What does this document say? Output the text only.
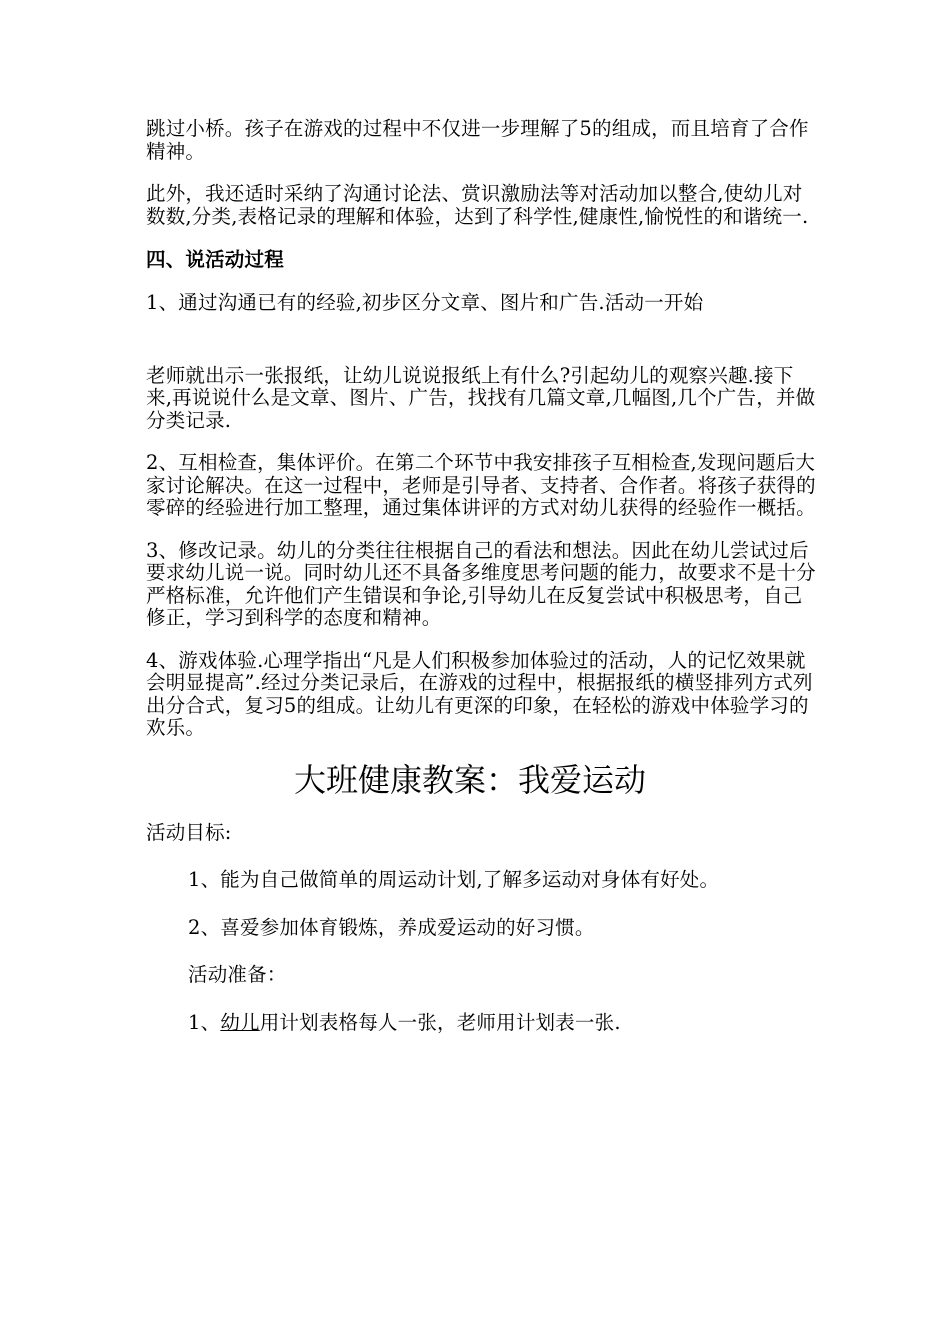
跳过小桥。孩子在游戏的过程中不仅进一步理解了5的组成，而且培育了合作精神。

此外，我还适时采纳了沟通讨论法、赏识激励法等对活动加以整合,使幼儿对数数,分类,表格记录的理解和体验，达到了科学性,健康性,愉悦性的和谐统一.

四、说活动过程

1、通过沟通已有的经验,初步区分文章、图片和广告.活动一开始

老师就出示一张报纸，让幼儿说说报纸上有什么?引起幼儿的观察兴趣.接下来,再说说什么是文章、图片、广告，找找有几篇文章,几幅图,几个广告，并做分类记录.

2、互相检查，集体评价。在第二个环节中我安排孩子互相检查,发现问题后大家讨论解决。在这一过程中，老师是引导者、支持者、合作者。将孩子获得的零碎的经验进行加工整理，通过集体讲评的方式对幼儿获得的经验作一概括。

3、修改记录。幼儿的分类往往根据自己的看法和想法。因此在幼儿尝试过后要求幼儿说一说。同时幼儿还不具备多维度思考问题的能力，故要求不是十分严格标准，允许他们产生错误和争论,引导幼儿在反复尝试中积极思考，自己修正，学习到科学的态度和精神。

4、游戏体验.心理学指出“凡是人们积极参加体验过的活动，人的记忆效果就会明显提高”.经过分类记录后，在游戏的过程中，根据报纸的横竖排列方式列出分合式，复习5的组成。让幼儿有更深的印象，在轻松的游戏中体验学习的欢乐。

大班健康教案：我爱运动

活动目标:

1、能为自己做简单的周运动计划,了解多运动对身体有好处。

2、喜爱参加体育锻炼，养成爱运动的好习惯。

活动准备：

1、幼儿用计划表格每人一张，老师用计划表一张.
